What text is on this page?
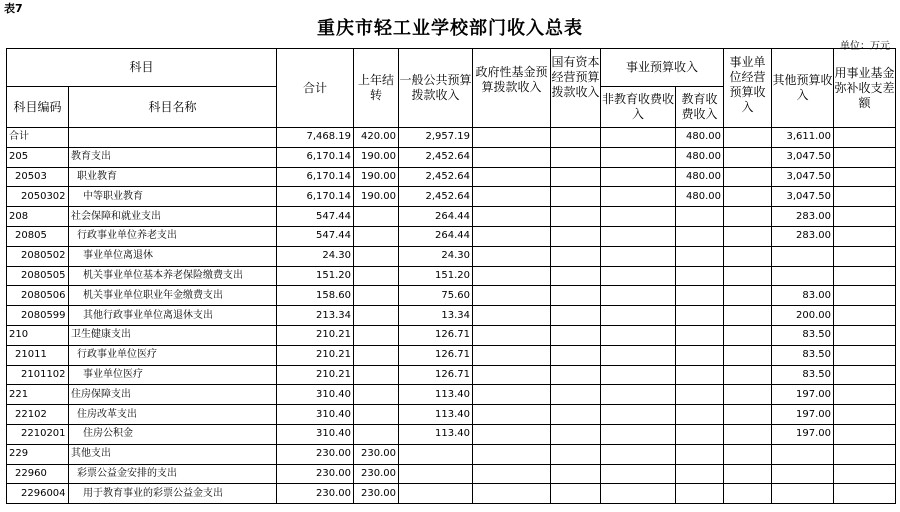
表7
重庆市轻工业学校部门收入总表
单位：万元
科目		合计	上年结转	一般公共预算拨款收入	政府性基金预算拨款收入	国有资本经营预算拨款收入	事业预算收入		事业单位经营预算收入	其他预算收入	用事业基金弥补收支差额
科目编码	科目名称						非教育收费收入	教育收费收入			
合计		7,468.19	420.00	2,957.19				480.00		3,611.00	
205	教育支出	6,170.14	190.00	2,452.64				480.00		3,047.50	
20503	职业教育	6,170.14	190.00	2,452.64				480.00		3,047.50	
2050302	中等职业教育	6,170.14	190.00	2,452.64				480.00		3,047.50	
208	社会保障和就业支出	547.44		264.44						283.00	
20805	行政事业单位养老支出	547.44		264.44						283.00	
2080502	事业单位离退休	24.30		24.30							
2080505	机关事业单位基本养老保险缴费支出	151.20		151.20							
2080506	机关事业单位职业年金缴费支出	158.60		75.60						83.00	
2080599	其他行政事业单位离退休支出	213.34		13.34						200.00	
210	卫生健康支出	210.21		126.71						83.50	
21011	行政事业单位医疗	210.21		126.71						83.50	
2101102	事业单位医疗	210.21		126.71						83.50	
221	住房保障支出	310.40		113.40						197.00	
22102	住房改革支出	310.40		113.40						197.00	
2210201	住房公积金	310.40		113.40						197.00	
229	其他支出	230.00	230.00								
22960	彩票公益金安排的支出	230.00	230.00								
2296004	用于教育事业的彩票公益金支出	230.00	230.00								
